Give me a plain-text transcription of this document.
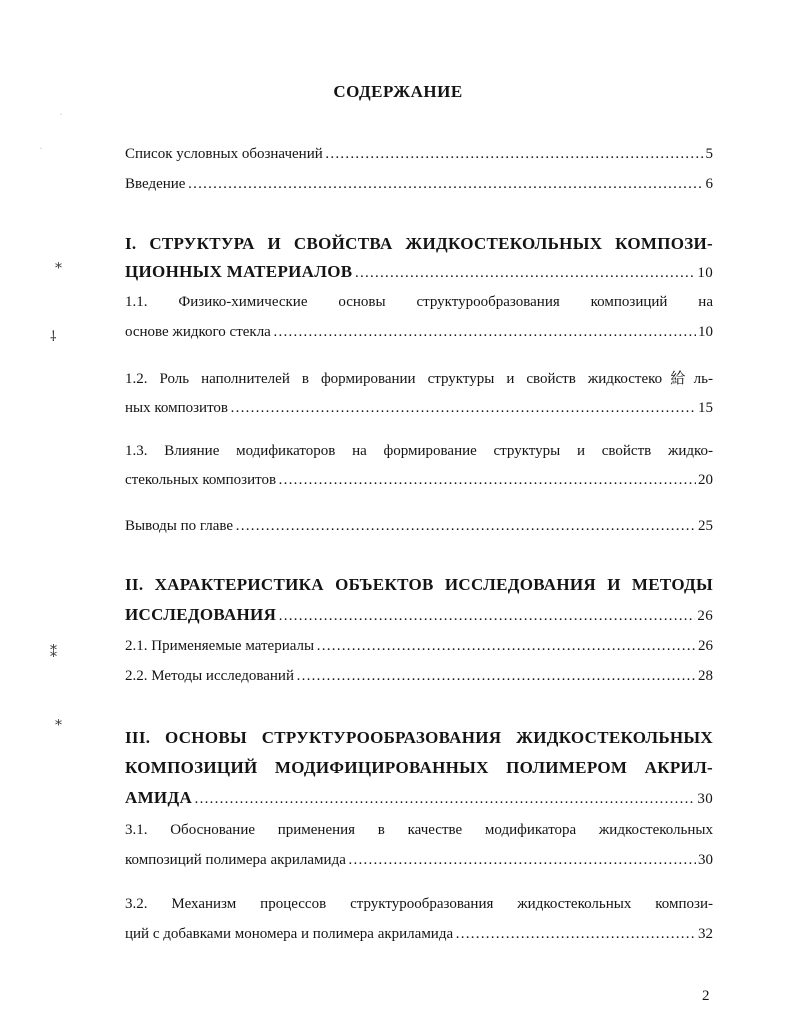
СОДЕРЖАНИЕ
Список условных обозначений ………………………………………………………………………………………………………………………………………………………………………………	5
Введение ………………………………………………………………………………………………………………………………………………………………………………	6
I. СТРУКТУРА И СВОЙСТВА ЖИДКОСТЕКОЛЬНЫХ КОМПОЗИ-
ЦИОННЫХ МАТЕРИАЛОВ ………………………………………………………………………………………………………………………………………………………………………………	10
1.1. Физико-химические основы структурообразования композиций на
основе жидкого стекла ………………………………………………………………………………………………………………………………………………………………………………	10
1.2. Роль наполнителей в формировании структуры и свойств жидкостеко給ль-
ных композитов ………………………………………………………………………………………………………………………………………………………………………………	15
1.3. Влияние модификаторов на формирование структуры и свойств жидко-
стекольных композитов ………………………………………………………………………………………………………………………………………………………………………………	20
Выводы по главе ………………………………………………………………………………………………………………………………………………………………………………	25
II. ХАРАКТЕРИСТИКА ОБЪЕКТОВ ИССЛЕДОВАНИЯ И МЕТОДЫ
ИССЛЕДОВАНИЯ ………………………………………………………………………………………………………………………………………………………………………………	26
2.1. Применяемые материалы ………………………………………………………………………………………………………………………………………………………………………………	26
2.2. Методы исследований ………………………………………………………………………………………………………………………………………………………………………………	28
III. ОСНОВЫ СТРУКТУРООБРАЗОВАНИЯ ЖИДКОСТЕКОЛЬНЫХ
КОМПОЗИЦИЙ МОДИФИЦИРОВАННЫХ ПОЛИМЕРОМ АКРИЛ-
АМИДА ………………………………………………………………………………………………………………………………………………………………………………	30
3.1. Обоснование применения в качестве модификатора жидкостекольных
композиций полимера акриламида ………………………………………………………………………………………………………………………………………………………………………………	30
3.2. Механизм процессов структурообразования жидкостекольных компози-
ций с добавками мономера и полимера акриламида ………………………………………………………………………………………………………………………………………………………………………………	32
·
·
⁎
⸸
⁑
⁎
2
